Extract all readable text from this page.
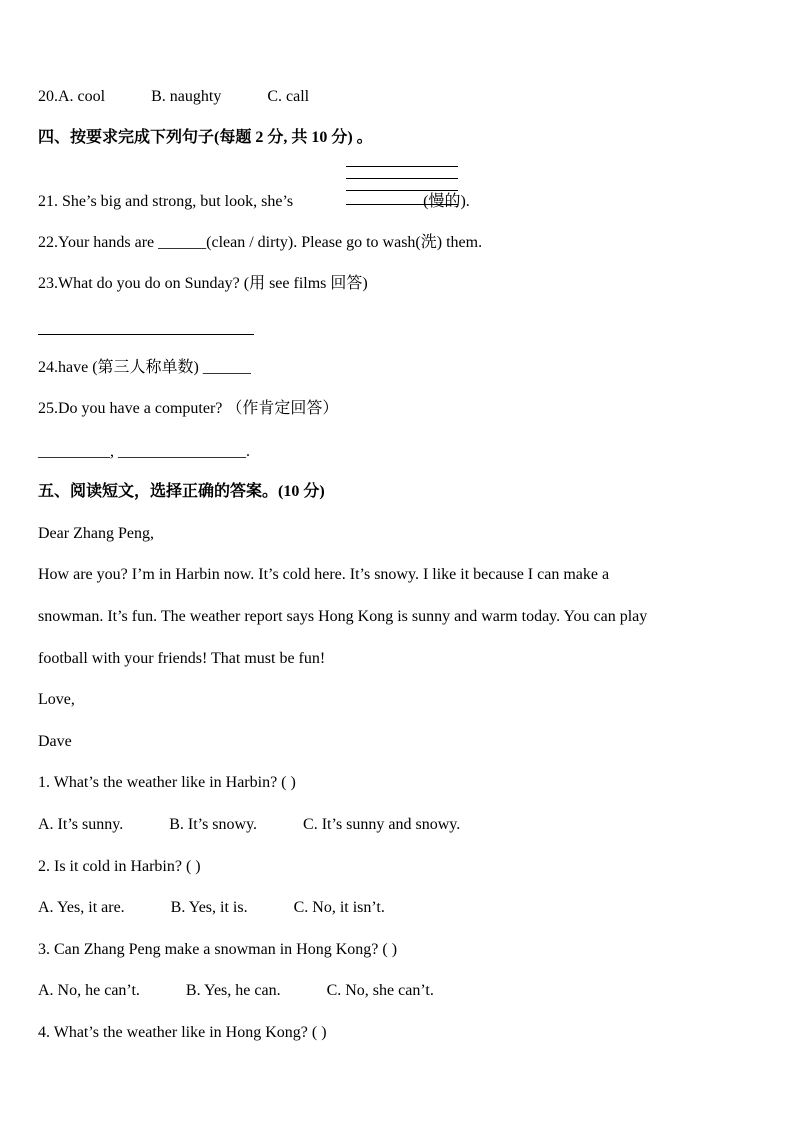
20.A. cool	B. naughty	C. call
四、按要求完成下列句子(每题 2 分, 共 10 分) 。
21. She’s big and strong, but look, she’s	(慢的).
22.Your hands are ______(clean / dirty). Please go to wash(洗) them.
23.What do you do on Sunday? (用 see films 回答)
24.have (第三人称单数) ______
25.Do you have a computer? （作肯定回答）
_________, ________________.
五、阅读短文，选择正确的答案。(10 分)
Dear Zhang Peng,
How are you? I’m in Harbin now. It’s cold here. It’s snowy. I like it because I can make a
snowman. It’s fun. The weather report says Hong Kong is sunny and warm today. You can play
football with your friends! That must be fun!
Love,
Dave
1. What’s the weather like in Harbin? ( )
A. It’s sunny.	B. It’s snowy.	C. It’s sunny and snowy.
2. Is it cold in Harbin? ( )
A. Yes, it are.	B. Yes, it is.	C. No, it isn’t.
3. Can Zhang Peng make a snowman in Hong Kong? ( )
A. No, he can’t.	B. Yes, he can.	C. No, she can’t.
4. What’s the weather like in Hong Kong? ( )
